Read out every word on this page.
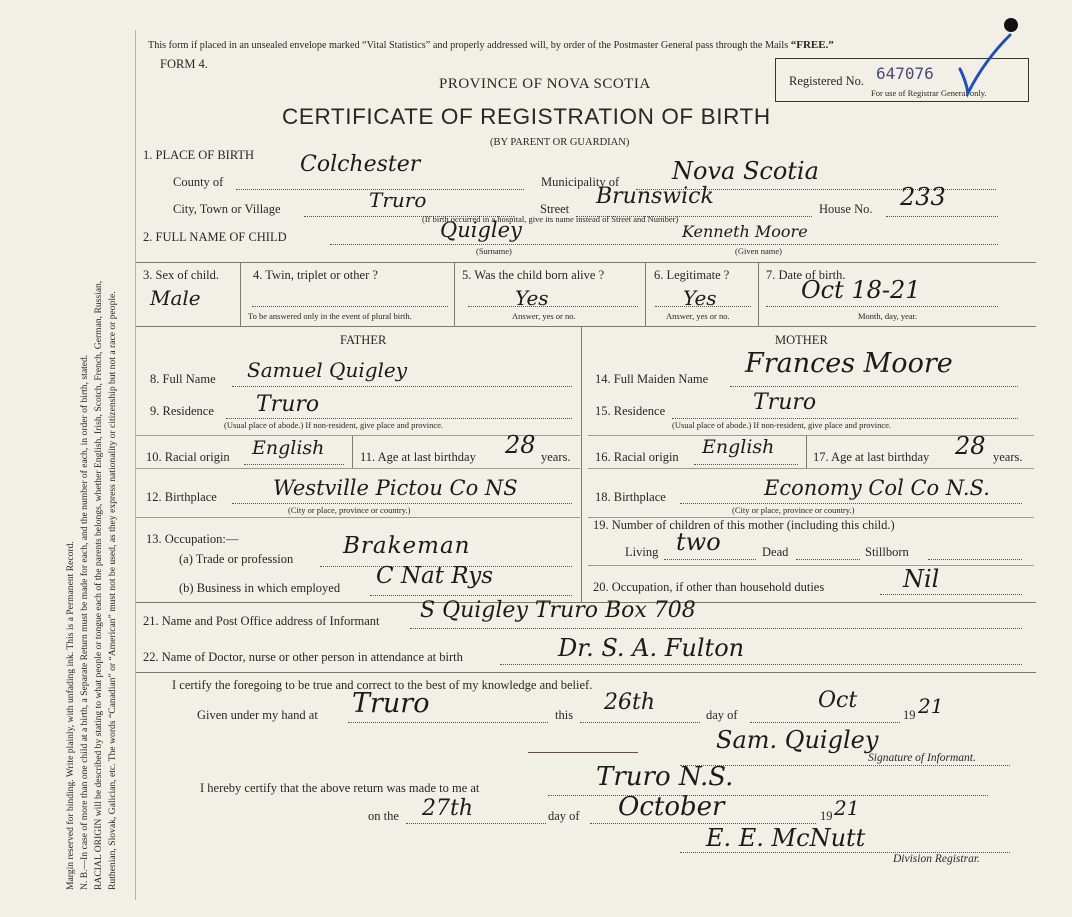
Margin reserved for binding. Write plainly, with unfading ink. This is a Permanent Record. N. B.—In case of more than one child at a birth, a Separate Return must be made for each, and the number of each, in order of birth, stated. RACIAL ORIGIN will be described by stating to what people or tongue each of the parents belongs, whether English, Irish, Scotch, French, German, Russian, Ruthenian, Slovak, Galician, etc. The words “Canadian” or “American” must not be used, as they express nationality or citizenship but not a race or people.
This form if placed in an unsealed envelope marked “Vital Statistics” and properly addressed will, by order of the Postmaster General pass through the Mails “FREE.”
FORM 4.
PROVINCE OF NOVA SCOTIA
CERTIFICATE OF REGISTRATION OF BIRTH
(BY PARENT OR GUARDIAN)
Registered No. 647076
For use of Registrar General only.
1. PLACE OF BIRTH
County of
Colchester
Municipality of Nova Scotia
City, Town or Village	Truro	Street Brunswick	House No. 233
(If birth occurred in a hospital, give its name instead of Street and Number)
2. FULL NAME OF CHILD	Quigley
(Surname)
Kenneth Moore
(Given name)
3. Sex of child.
Male
4. Twin, triplet or other ?
To be answered only in the event of plural birth.
5. Was the child born alive ?
Yes
Answer, yes or no.
6. Legitimate ?
Yes
Answer, yes or no.
7. Date of birth.
Oct 18-21
Month, day, year.
FATHER	MOTHER
8. Full Name Samuel Quigley
9. Residence Truro
(Usual place of abode.) If non-resident, give place and province.
10. Racial origin English	11. Age at last birthday 28 years.
12. Birthplace	Westville Pictou Co NS
(City or place, province or country.)
13. Occupation:—
(a) Trade or profession Brakeman
(b) Business in which employed C Nat Rys
14. Full Maiden Name Frances Moore
15. Residence	Truro
(Usual place of abode.) If non-resident, give place and province.
16. Racial origin English	17. Age at last birthday 28 years.
18. Birthplace	Economy Col Co N.S.
(City or place, province or country.)
19. Number of children of this mother (including this child.)
Living two	Dead	Stillborn
20. Occupation, if other than household duties	Nil
21. Name and Post Office address of Informant S Quigley Truro Box 708
22. Name of Doctor, nurse or other person in attendance at birth	Dr. S. A. Fulton
I certify the foregoing to be true and correct to the best of my knowledge and belief.
Given under my hand at Truro	this 26th	day of
Oct
19 21
Sam. Quigley
Signature of Informant.
I hereby certify that the above return was made to me at	Truro N.S.
on the 27th	day of October	19 21
E. E. McNutt
Division Registrar.
